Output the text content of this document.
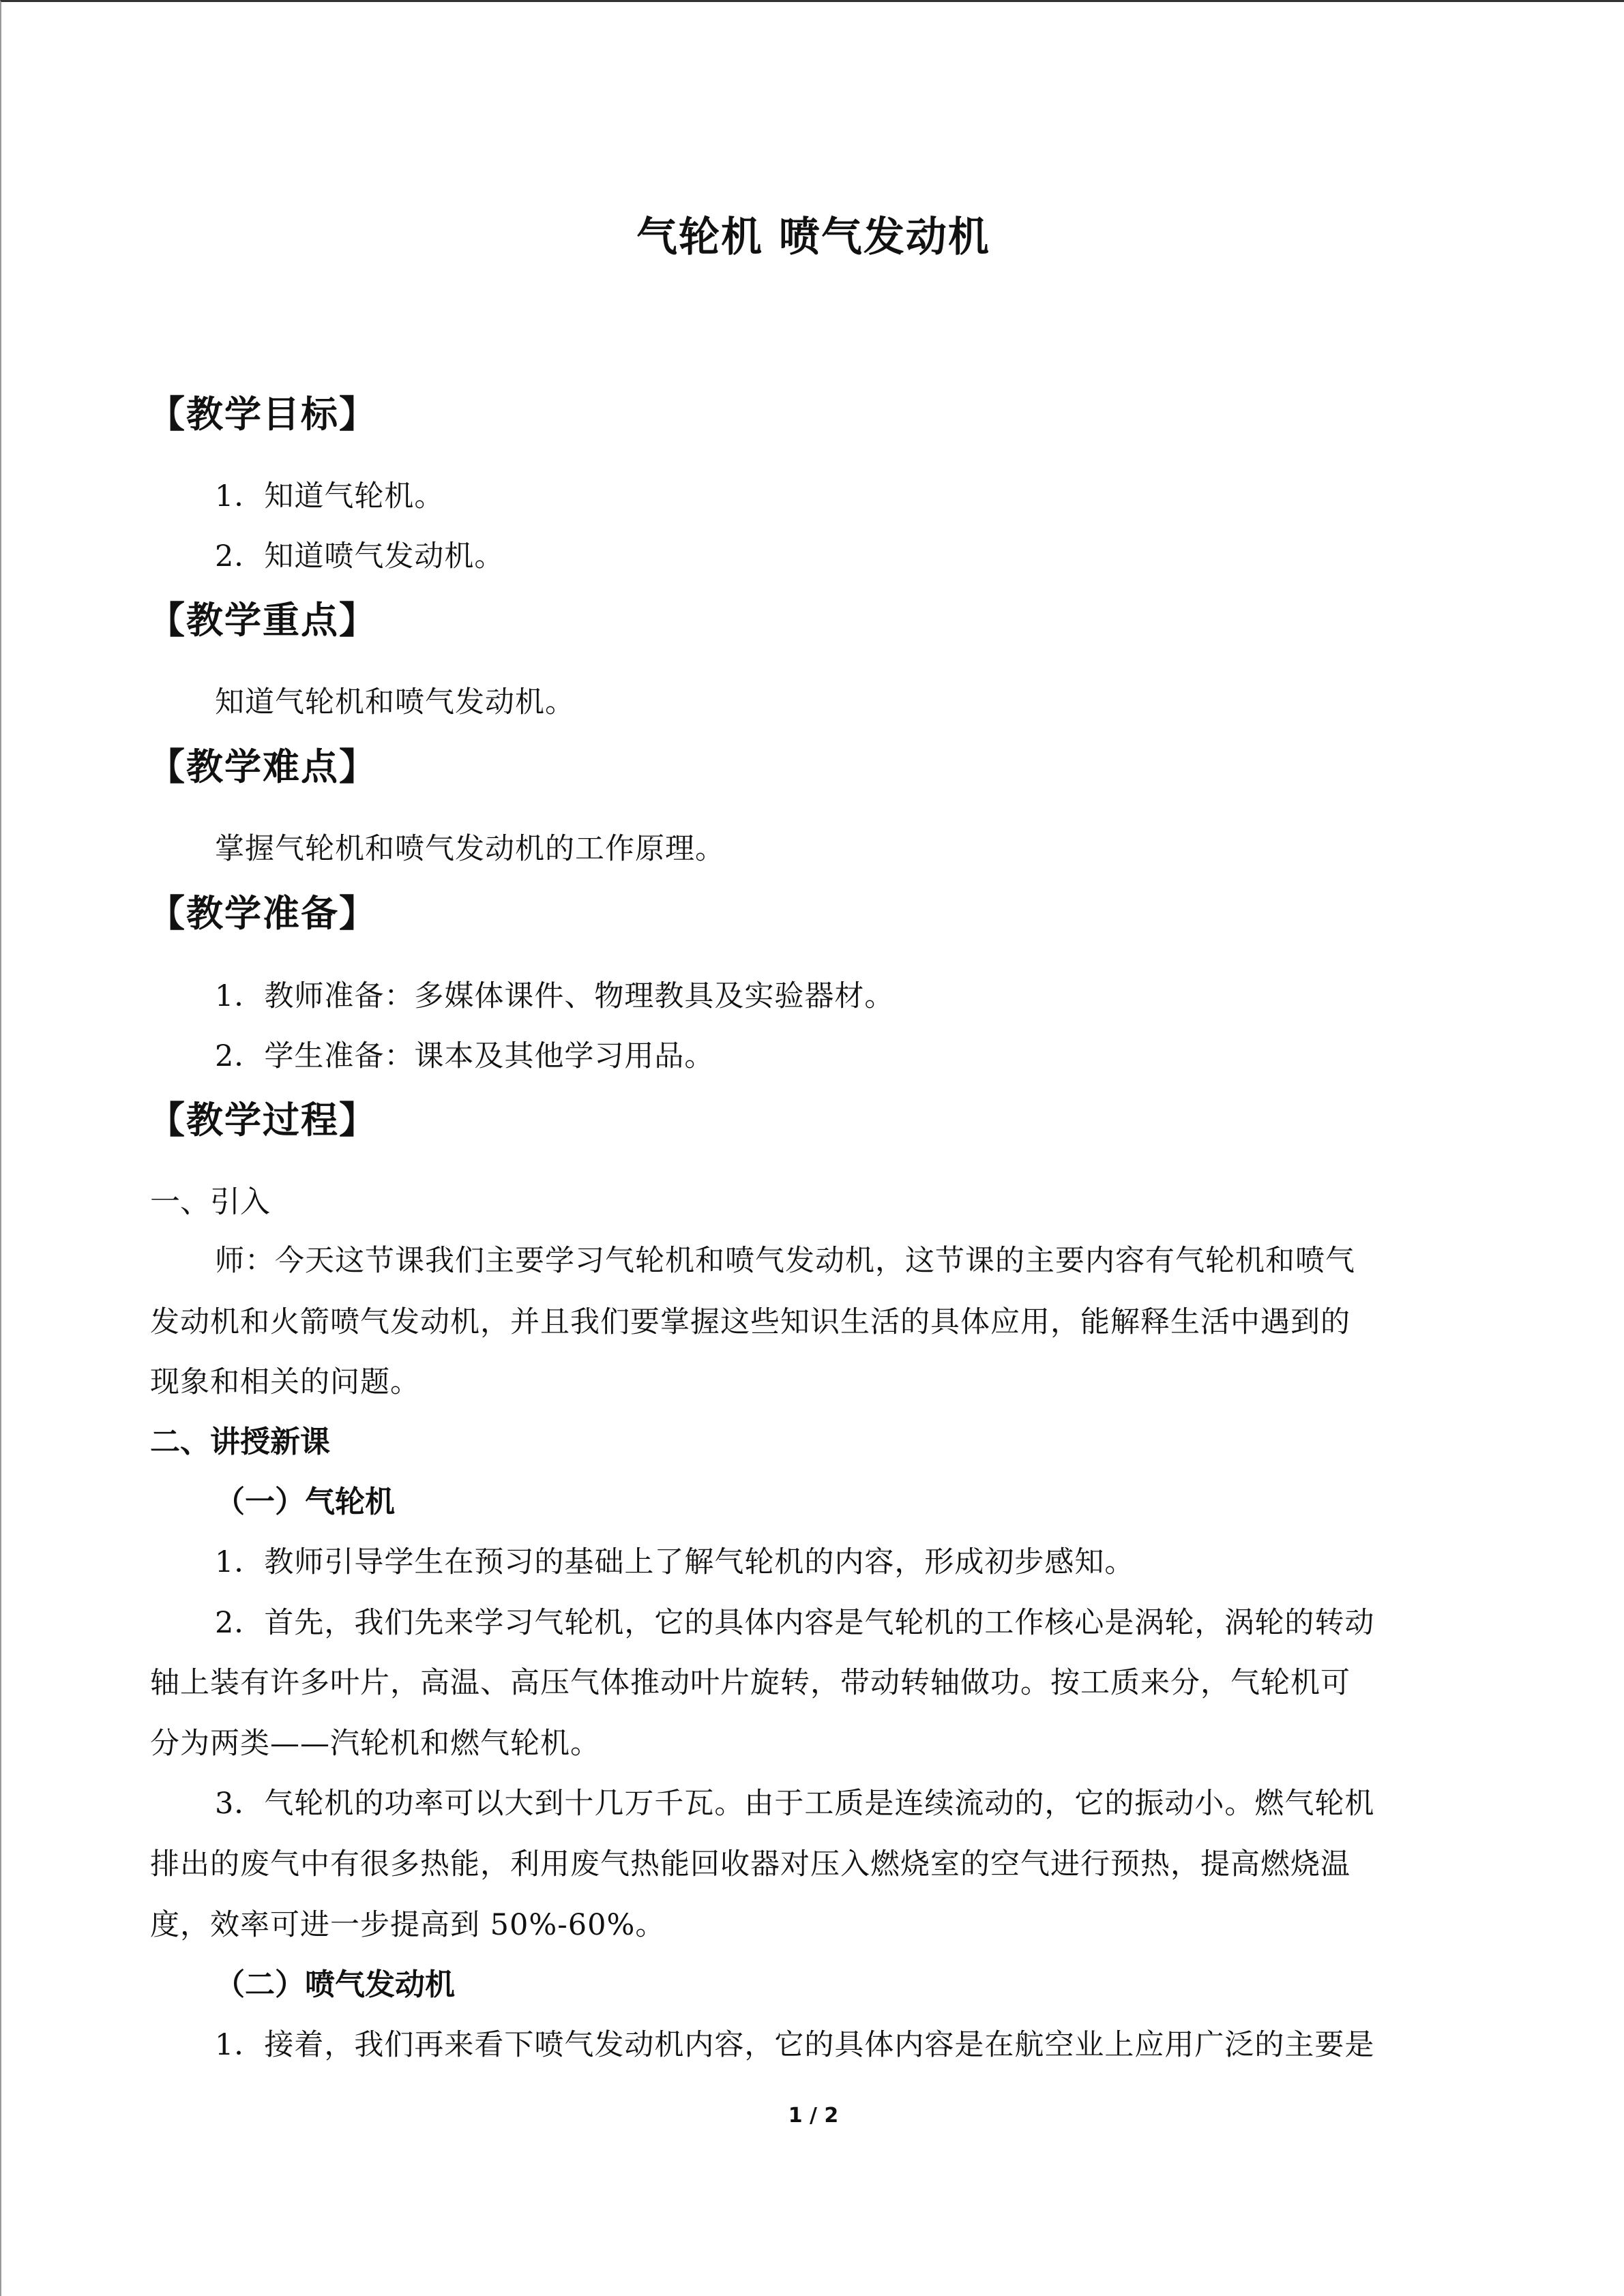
气轮机 喷气发动机
【教学目标】
1．知道气轮机。
2．知道喷气发动机。
【教学重点】
知道气轮机和喷气发动机。
【教学难点】
掌握气轮机和喷气发动机的工作原理。
【教学准备】
1．教师准备：多媒体课件、物理教具及实验器材。
2．学生准备：课本及其他学习用品。
【教学过程】
一、引入
师：今天这节课我们主要学习气轮机和喷气发动机，这节课的主要内容有气轮机和喷气
发动机和火箭喷气发动机，并且我们要掌握这些知识生活的具体应用，能解释生活中遇到的
现象和相关的问题。
二、讲授新课
（一）气轮机
1．教师引导学生在预习的基础上了解气轮机的内容，形成初步感知。
2．首先，我们先来学习气轮机，它的具体内容是气轮机的工作核心是涡轮，涡轮的转动
轴上装有许多叶片，高温、高压气体推动叶片旋转，带动转轴做功。按工质来分，气轮机可
分为两类——汽轮机和燃气轮机。
3．气轮机的功率可以大到十几万千瓦。由于工质是连续流动的，它的振动小。燃气轮机
排出的废气中有很多热能，利用废气热能回收器对压入燃烧室的空气进行预热，提高燃烧温
度，效率可进一步提高到 50%-60%。
（二）喷气发动机
1．接着，我们再来看下喷气发动机内容，它的具体内容是在航空业上应用广泛的主要是
1 / 2
